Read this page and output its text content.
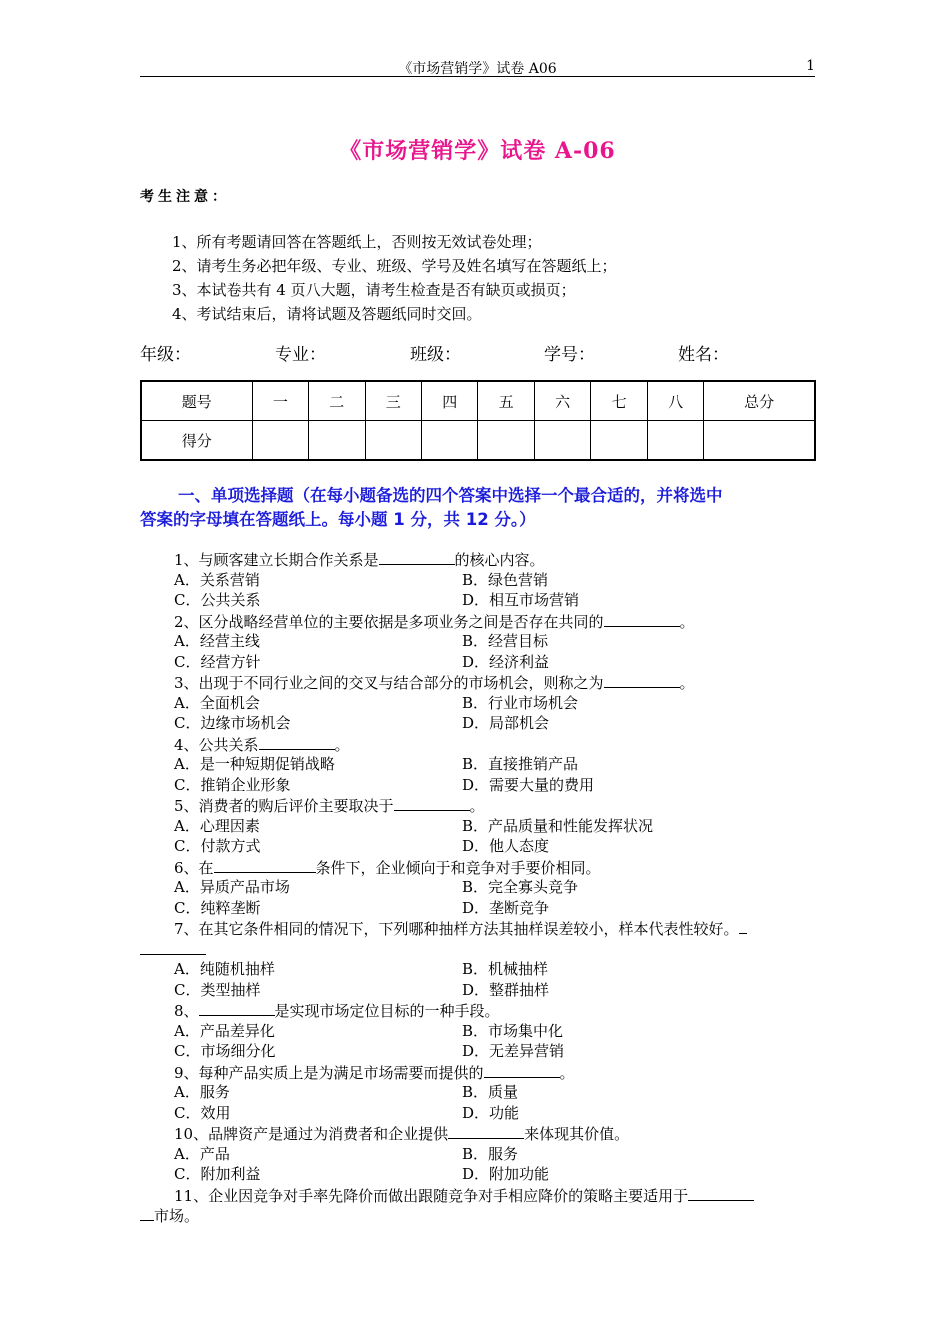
《市场营销学》试卷 A06	1
《市场营销学》试卷 A-06
考生注意：
1、所有考题请回答在答题纸上，否则按无效试卷处理；
2、请考生务必把年级、专业、班级、学号及姓名填写在答题纸上；
3、本试卷共有 4 页八大题，请考生检查是否有缺页或损页；
4、考试结束后，请将试题及答题纸同时交回。
年级：	专业：	班级：	学号：	姓名：
题号	一	二	三	四	五	六	七	八	总分
得分									
一、单项选择题（在每小题备选的四个答案中选择一个最合适的，并将选中
答案的字母填在答题纸上。每小题 1 分，共 12 分。）
1、与顾客建立长期合作关系是	的核心内容。
A．关系营销	B．绿色营销
C．公共关系	D．相互市场营销
2、区分战略经营单位的主要依据是多项业务之间是否存在共同的	。
A．经营主线	B．经营目标
C．经营方针	D．经济利益
3、出现于不同行业之间的交叉与结合部分的市场机会，则称之为	。
A．全面机会	B．行业市场机会
C．边缘市场机会	D．局部机会
4、公共关系	。
A．是一种短期促销战略	B．直接推销产品
C．推销企业形象	D．需要大量的费用
5、消费者的购后评价主要取决于	。
A．心理因素	B．产品质量和性能发挥状况
C．付款方式	D．他人态度
6、在	条件下，企业倾向于和竞争对手要价相同。
A．异质产品市场	B．完全寡头竞争
C．纯粹垄断	D．垄断竞争
7、在其它条件相同的情况下，下列哪种抽样方法其抽样误差较小，样本代表性较好。
A．纯随机抽样	B．机械抽样
C．类型抽样	D．整群抽样
8、	是实现市场定位目标的一种手段。
A．产品差异化	B．市场集中化
C．市场细分化	D．无差异营销
9、每种产品实质上是为满足市场需要而提供的	。
A．服务	B．质量
C．效用	D．功能
10、品牌资产是通过为消费者和企业提供	来体现其价值。
A．产品	B．服务
C．附加利益	D．附加功能
11、企业因竞争对手率先降价而做出跟随竞争对手相应降价的策略主要适用于
市场。
